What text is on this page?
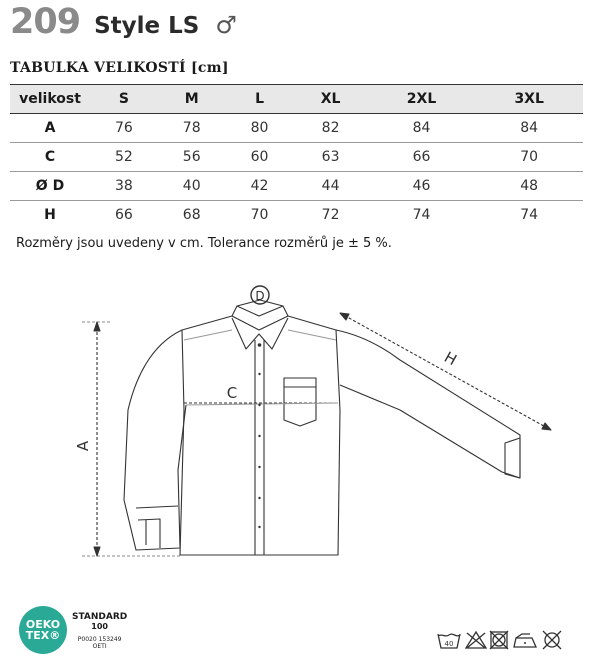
209 Style LS ♂
TABULKA VELIKOSTÍ [cm]
velikost	S	M	L	XL	2XL	3XL
A	76	78	80	82	84	84
C	52	56	60	63	66	70
Ø D	38	40	42	44	46	48
H	66	68	70	72	74	74
Rozměry jsou uvedeny v cm. Tolerance rozměrů je ± 5 %.
A
C
D
H
OEKO
TEX®
STANDARD
100
P0020 153249
OETI	40
